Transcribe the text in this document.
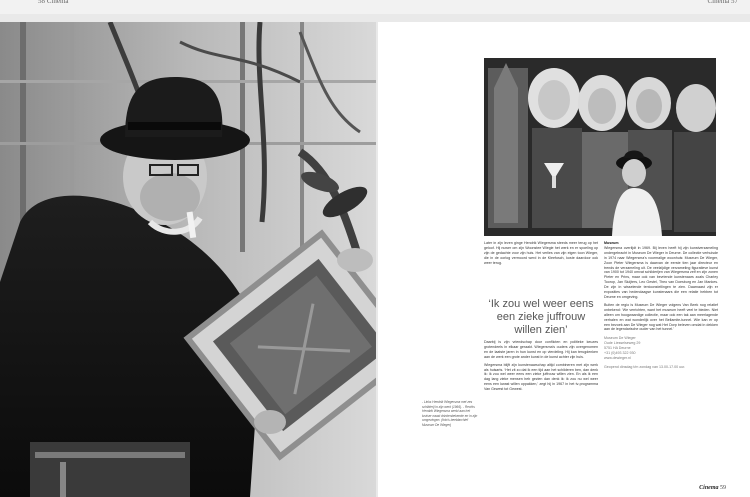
58 Cinema	Cinema 57
- Links Hendrik Wiegersma met zes schilderij in zijn werk (1966). - Rechts Hendrik Wiegersma werkt aan het kruiser naast drinkenbekende en in zijn omgevingen. (foto's beeldarchief Museum De Wieger)

Later in zijn leven ginge Hendrik Wiegersma steeds meer terug op het geloof. Hij nuwer om zijn Woonstee Wiegie het werk en er spoeling op zijn de gedachte voor zijn huis. Het verlies van zijn eigen toon Wieger, die in de oorlog vermoord werd in de Kleefosch, koste daardoor ook weer terug.

‘Ik zou wel weer eens een zieke juffrouw willen zien’

Daarbij is zijn vriendschap door conflicten en politieke keuzes grotendeels in elkaar geraakt. Wiegersma's ouders zijn overgenomen en de laatste jaren in hun kunst en op vierdeling. Hij kan terugdenken aan de werk een grote ander kunst in de kunst achter zijn huis.

Wiegersma blijft zijn kunstenaarschap altijd combineren met zijn werk als huisarts. ‘Het zit zo dat ik een tijd aan het schilderen ben, dan denk ik: ik zou wel weer eens een zieke juffrouw willen zien. En als ik een dag lang zieke mensen heb gezien dan denk ik: ik zou nu wel weer eens een kwast willen oppakken,’ zegt hij in 1967 in het tv-programma Van Gewest tot Gewest.

Museum

Wiegersma overlijdt in 1969. Bij leven heeft hij zijn kunstverzameling ondergebracht in Museum De Wieger in Deurne. De collectie verhuisde in 1974 naar Wiegersma's voormalige woonhuis: Museum De Wieger, Zoon Pieter Wiegersma is daarvan de eerste tien jaar directeur en trends de verzameling uit. De veelzijdige verzameling figuratieve kunst van 1900 tot 1940 omvat schilderijen van Wiegersma zelf en zijn zonen Pieter en Prins, maar ook van bevriende kunstenaars zoals Charley Toorop, Jan Sluijters, Leo Gestel, Theo van Doesburg en Jan Mankes. De zijn in wisselende tentoonstellingen te zien. Daarnaast zijn er exposities van hedendaagse kunstenaars die een relatie hebben tot Deurne en omgeving.

Buiten de regio is Museum De Wieger volgens Van Beek nog relatief onbekend: ‘We verrichten, want het museum heeft veel te bieden. Niet alleen om hoogwaardige collectie, maar ook een tak aan meerlagende verhalen en wat wonderlijk over het Bellamite-tunnel. Wie kan er op een bezoek aan De Wieger nog wat Het Dorp beleven omdat in dekken aan de legendarische ouder van het tunnel.’

Museum De Wieger
Oude Liesselseweg 29
5751 HA Deurne
+31 (0)493 322 930
www.dewieger.nl
Geopend dinsdag t/m zondag van 13.00-17.00 uur.
Cinema 59
